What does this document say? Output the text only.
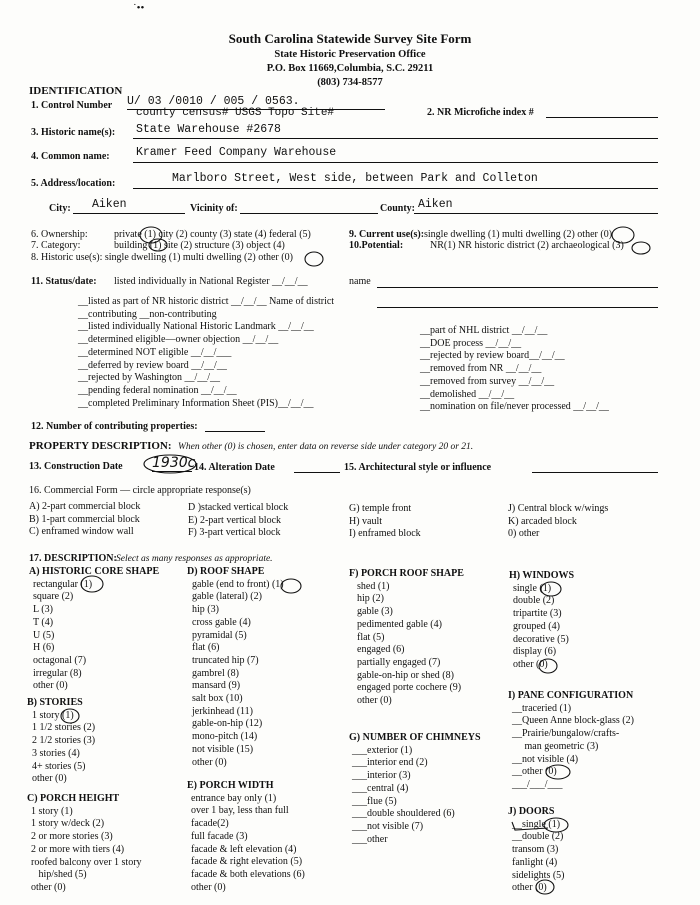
˙••
South Carolina Statewide Survey Site Form
State Historic Preservation Office
P.O. Box 11669,Columbia, S.C. 29211
(803) 734-8577
IDENTIFICATION
1. Control Number U/ 03 /0010 / 005 / 0563.
county census# USGS Topo Site#	2. NR Microfiche index #
3. Historic name(s): State Warehouse #2678
4. Common name: Kramer Feed Company Warehouse
5. Address/location:	Marlboro Street, West side, between Park and Colleton
City: Aiken	Vicinity of:	County: Aiken
6. Ownership:	private (1) city (2) county (3) state (4) federal (5)
7. Category:	building (1) site (2) structure (3) object (4)
8. Historic use(s): single dwelling (1) multi dwelling (2) other (0)
9. Current use(s): single dwelling (1) multi dwelling (2) other (0)
10.Potential:	NR(1) NR historic district (2) archaeological (3)
11. Status/date: listed individually in National Register __/__/__	name
__listed as part of NR historic district __/__/__ Name of district
__contributing __non-contributing
__listed individually National Historic Landmark __/__/__
__determined eligible—owner objection __/__/__
__determined NOT eligible __/__/___
__deferred by review board __/__/__
__rejected by Washington __/__/__
__pending federal nomination __/__/__
__completed Preliminary Information Sheet (PIS)__/__/__
__part of NHL district __/__/__
__DOE process __/__/__
__rejected by review board__/__/__
__removed from NR __/__/__
__removed from survey __/__/__
__demolished __/__/__
__nomination on file/never processed __/__/__
12. Number of contributing properties:
PROPERTY DESCRIPTION: When other (0) is chosen, enter data on reverse side under category 20 or 21.
13. Construction Date 1930c
14. Alteration Date	15. Architectural style or influence
16. Commercial Form — circle appropriate response(s)
A) 2-part commercial block
B) 1-part commercial block
C) enframed window wall
D )stacked vertical block
E) 2-part vertical block
F) 3-part vertical block
G) temple front
H) vault
I) enframed block
J) Central block w/wings
K) arcaded block
0) other
17. DESCRIPTION: Select as many responses as appropriate.
A) HISTORIC CORE SHAPE
rectangular (1)
square (2)
L (3)
T (4)
U (5)
H (6)
octagonal (7)
irregular (8)
other (0)
B) STORIES
1 story (1)
1 1/2 stories (2)
2 1/2 stories (3)
3 stories (4)
4+ stories (5)
other (0)
C) PORCH HEIGHT
1 story (1)
1 story w/deck (2)
2 or more stories (3)
2 or more with tiers (4)
roofed balcony over 1 story
hip/shed (5)
other (0)
D) ROOF SHAPE
gable (end to front) (1)
gable (lateral) (2)
hip (3)
cross gable (4)
pyramidal (5)
flat (6)
truncated hip (7)
gambrel (8)
mansard (9)
salt box (10)
jerkinhead (11)
gable-on-hip (12)
mono-pitch (14)
not visible (15)
other (0)
E) PORCH WIDTH
entrance bay only (1)
over 1 bay, less than full
facade(2)
full facade (3)
facade & left elevation (4)
facade & right elevation (5)
facade & both elevations (6)
other (0)
F) PORCH ROOF SHAPE
shed (1)
hip (2)
gable (3)
pedimented gable (4)
flat (5)
engaged (6)
partially engaged (7)
gable-on-hip or shed (8)
engaged porte cochere (9)
other (0)
G) NUMBER OF CHIMNEYS
___exterior (1)
___interior end (2)
___interior (3)
___central (4)
___flue (5)
___double shouldered (6)
___not visible (7)
___other
H) WINDOWS
single (1)
double (2)
tripartite (3)
grouped (4)
decorative (5)
display (6)
other (0)
I) PANE CONFIGURATION
__traceried (1)
__Queen Anne block-glass (2)
__Prairie/bungalow/crafts-
man geometric (3)
__not visible (4)
__other (0)
___/___/___
J) DOORS
__single (1)
__double (2)
transom (3)
fanlight (4)
sidelights (5)
other (0)
